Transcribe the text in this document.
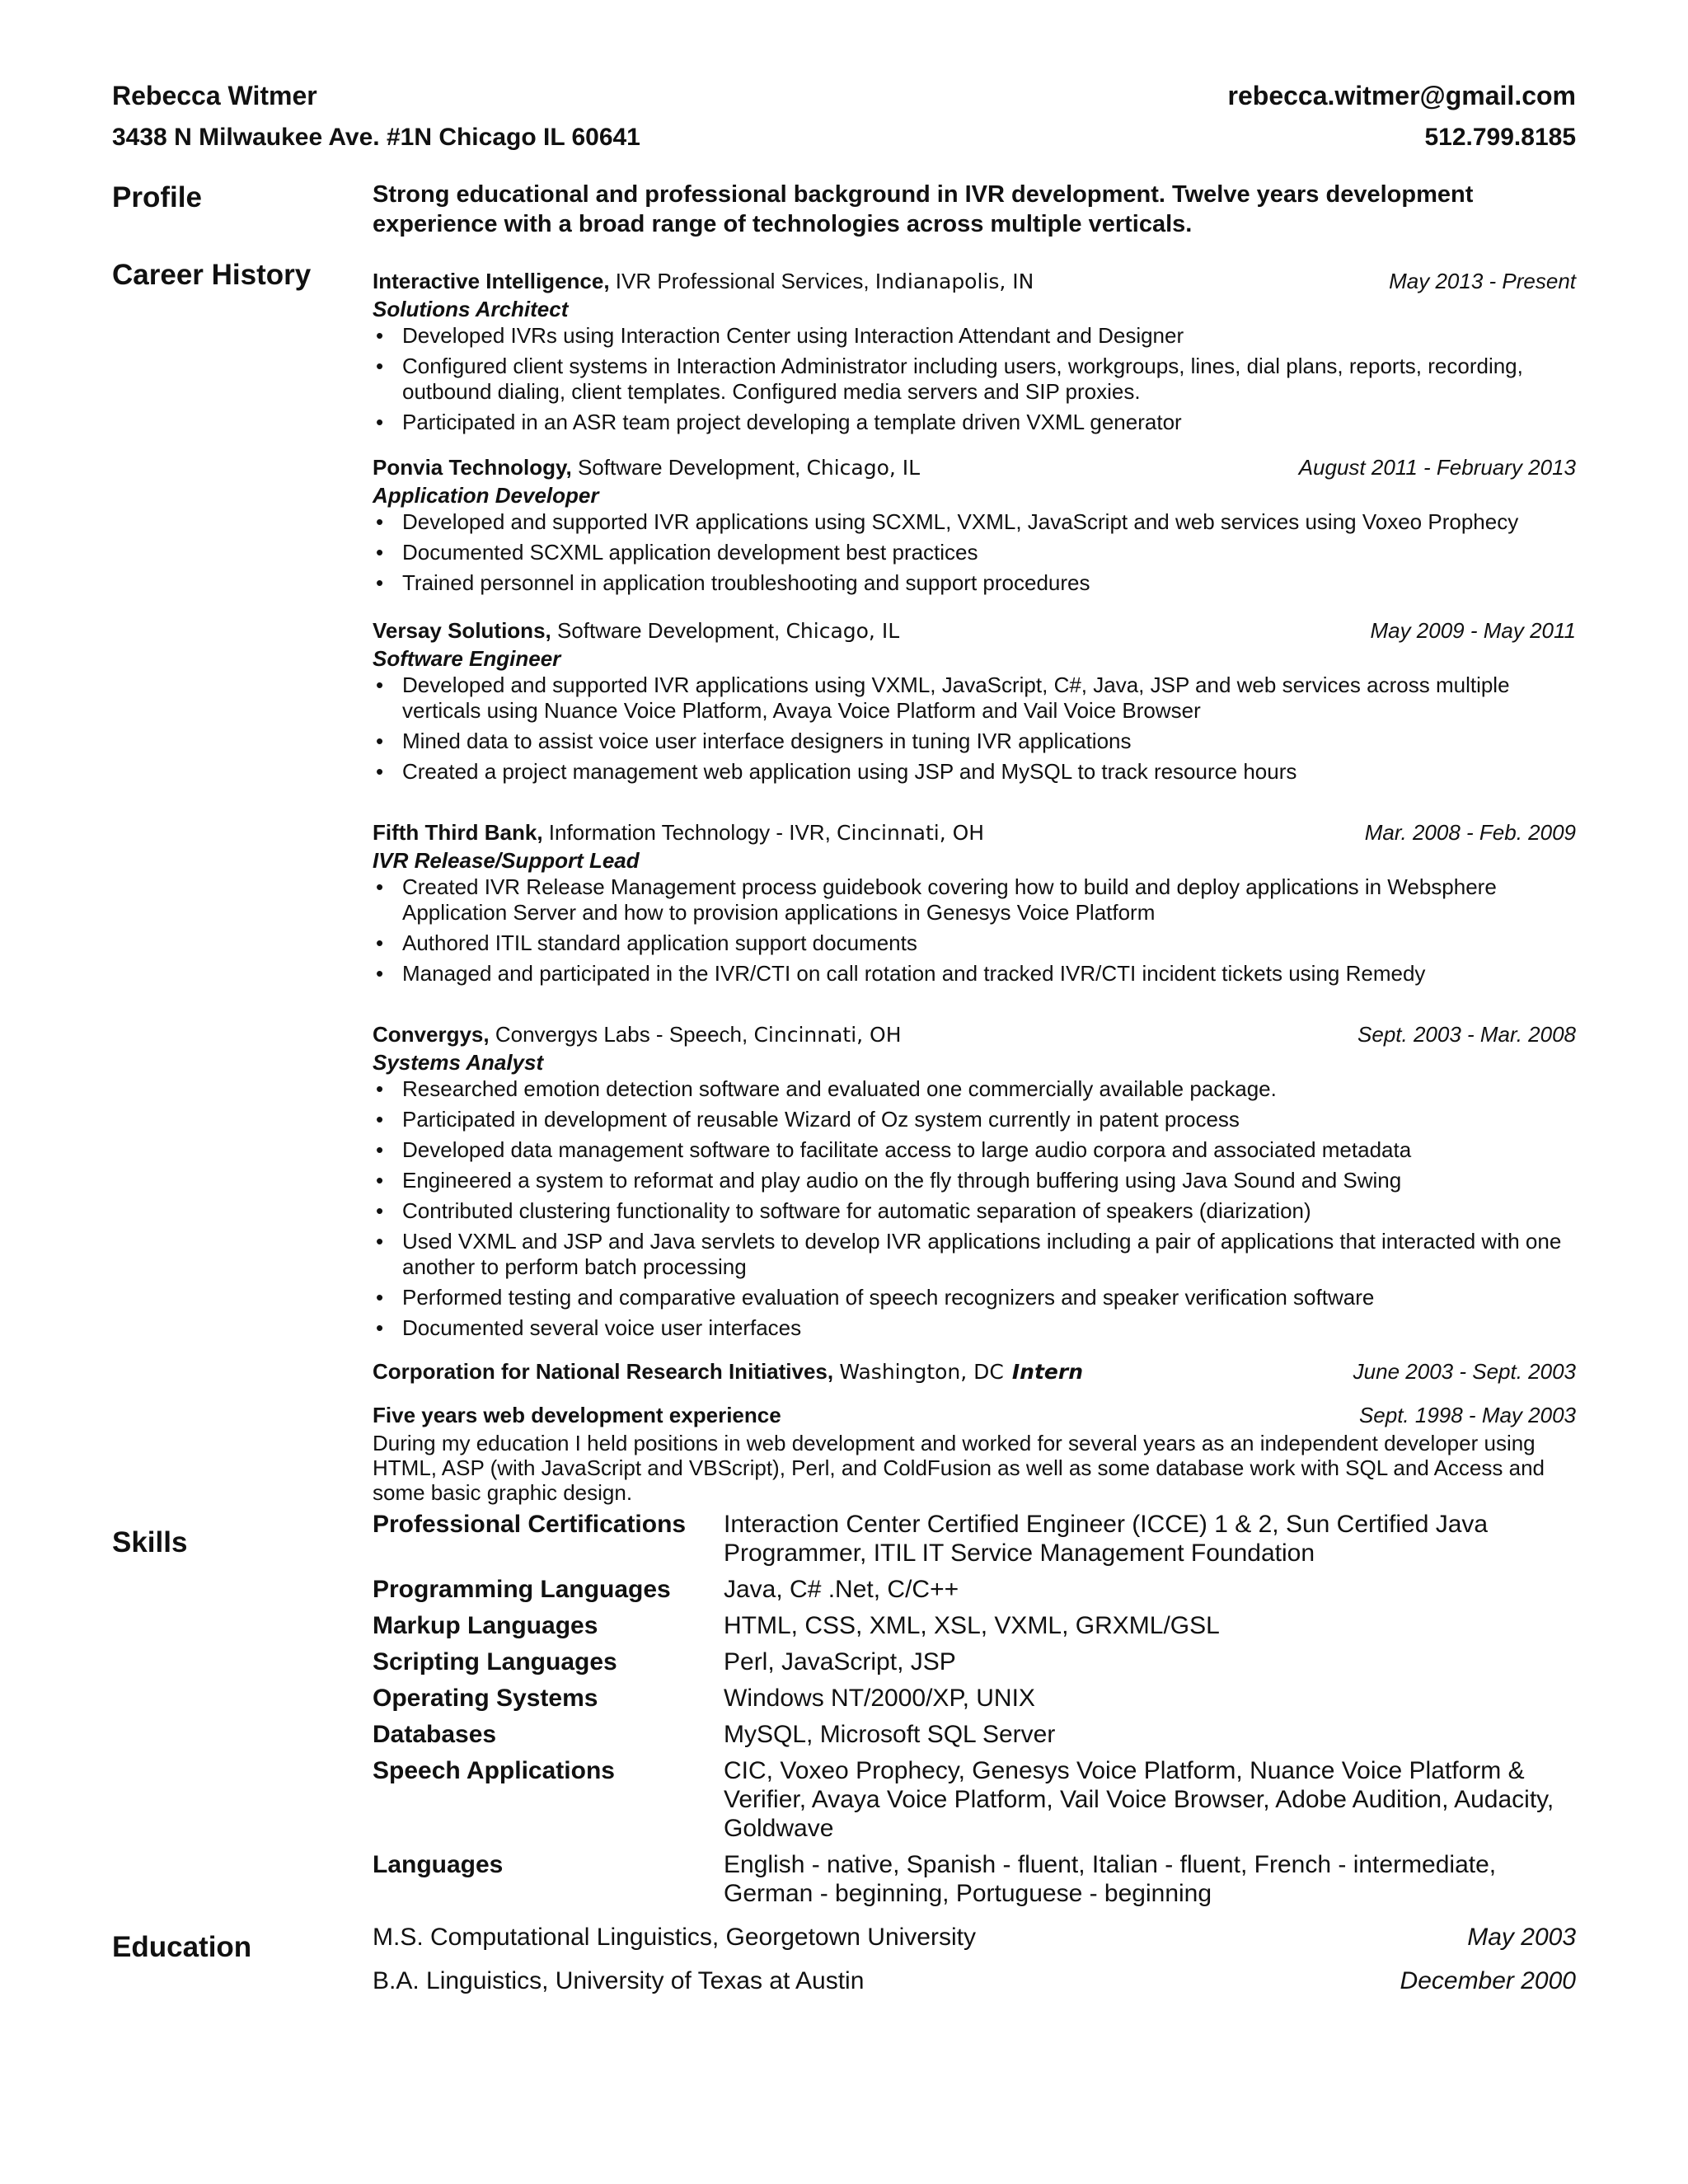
Rebecca Witmer	rebecca.witmer@gmail.com
3438 N Milwaukee Ave. #1N Chicago IL 60641	512.799.8185
Profile	Strong educational and professional background in IVR development. Twelve years development experience with a broad range of technologies across multiple verticals.
Career History	Interactive Intelligence, IVR Professional Services, Indianapolis, IN	May 2013 - Present
Solutions Architect
• Developed IVRs using Interaction Center using Interaction Attendant and Designer
• Configured client systems in Interaction Administrator including users, workgroups, lines, dial plans, reports, recording, outbound dialing, client templates. Configured media servers and SIP proxies.
• Participated in an ASR team project developing a template driven VXML generator
Ponvia Technology, Software Development, Chicago, IL	August 2011 - February 2013
Application Developer
• Developed and supported IVR applications using SCXML, VXML, JavaScript and web services using Voxeo Prophecy
• Documented SCXML application development best practices
• Trained personnel in application troubleshooting and support procedures
Versay Solutions, Software Development, Chicago, IL	May 2009 - May 2011
Software Engineer
• Developed and supported IVR applications using VXML, JavaScript, C#, Java, JSP and web services across multiple verticals using Nuance Voice Platform, Avaya Voice Platform and Vail Voice Browser
• Mined data to assist voice user interface designers in tuning IVR applications
• Created a project management web application using JSP and MySQL to track resource hours
Fifth Third Bank, Information Technology - IVR, Cincinnati, OH	Mar. 2008 - Feb. 2009
IVR Release/Support Lead
• Created IVR Release Management process guidebook covering how to build and deploy applications in Websphere Application Server and how to provision applications in Genesys Voice Platform
• Authored ITIL standard application support documents
• Managed and participated in the IVR/CTI on call rotation and tracked IVR/CTI incident tickets using Remedy
Convergys, Convergys Labs - Speech, Cincinnati, OH	Sept. 2003 - Mar. 2008
Systems Analyst
• Researched emotion detection software and evaluated one commercially available package.
• Participated in development of reusable Wizard of Oz system currently in patent process
• Developed data management software to facilitate access to large audio corpora and associated metadata
• Engineered a system to reformat and play audio on the fly through buffering using Java Sound and Swing
• Contributed clustering functionality to software for automatic separation of speakers (diarization)
• Used VXML and JSP and Java servlets to develop IVR applications including a pair of applications that interacted with one another to perform batch processing
• Performed testing and comparative evaluation of speech recognizers and speaker verification software
• Documented several voice user interfaces
Corporation for National Research Initiatives, Washington, DC Intern	June 2003 - Sept. 2003
Five years web development experience	Sept. 1998 - May 2003
During my education I held positions in web development and worked for several years as an independent developer using HTML, ASP (with JavaScript and VBScript), Perl, and ColdFusion as well as some database work with SQL and Access and some basic graphic design.
Skills
Professional Certifications	Interaction Center Certified Engineer (ICCE) 1 & 2, Sun Certified Java Programmer, ITIL IT Service Management Foundation
Programming Languages	Java, C# .Net, C/C++
Markup Languages	HTML, CSS, XML, XSL, VXML, GRXML/GSL
Scripting Languages	Perl, JavaScript, JSP
Operating Systems	Windows NT/2000/XP, UNIX
Databases	MySQL, Microsoft SQL Server
Speech Applications	CIC, Voxeo Prophecy, Genesys Voice Platform, Nuance Voice Platform & Verifier, Avaya Voice Platform, Vail Voice Browser, Adobe Audition, Audacity, Goldwave
Languages	English - native, Spanish - fluent, Italian - fluent, French - intermediate, German - beginning, Portuguese - beginning
Education	M.S. Computational Linguistics, Georgetown University	May 2003
B.A. Linguistics, University of Texas at Austin	December 2000
